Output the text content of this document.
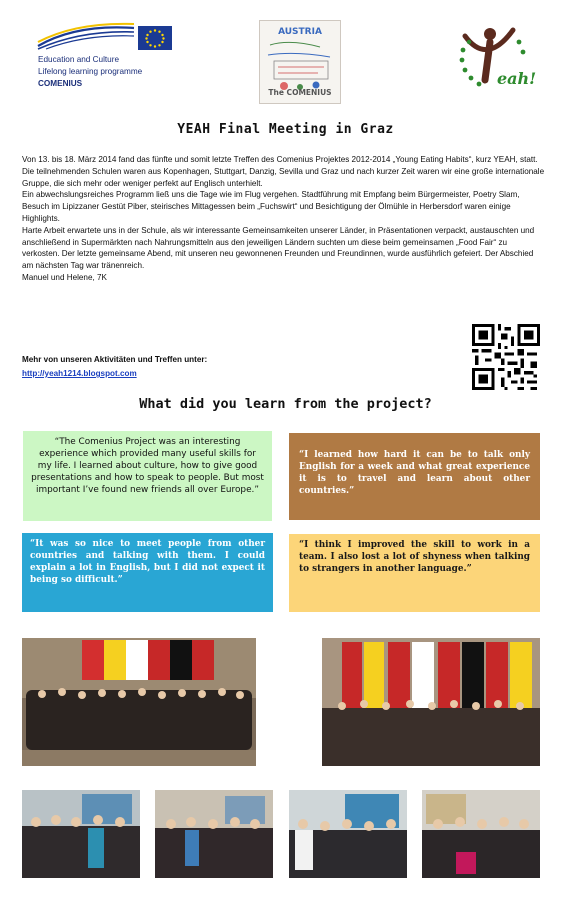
Education and Culture
Lifelong learning programme
COMENIUS
AUSTRIA
The COMENIUS
eah!
YEAH Final Meeting in Graz

Von 13. bis 18. März 2014 fand das fünfte und somit letzte Treffen des Comenius Projektes 2012-2014 „Young Eating Habits“, kurz YEAH, statt. Die teilnehmenden Schulen waren aus Kopenhagen, Stuttgart, Danzig, Sevilla und Graz und nach kurzer Zeit waren wir eine große internationale Gruppe, die sich mehr oder weniger perfekt auf Englisch unterhielt.

Ein abwechslungsreiches Programm ließ uns die Tage wie im Flug vergehen. Stadtführung mit Empfang beim Bürgermeister, Poetry Slam, Besuch im Lipizzaner Gestüt Piber, steirisches Mittagessen beim „Fuchswirt“ und Besichtigung der Ölmühle in Herbersdorf waren einige Highlights.

Harte Arbeit erwartete uns in der Schule, als wir interessante Gemeinsamkeiten unserer Länder, in Präsentationen verpackt, austauschten und anschließend in Supermärkten nach Nahrungsmitteln aus den jeweiligen Ländern suchten um diese beim gemeinsamen „Food Fair“ zu verkosten. Der letzte gemeinsame Abend, mit unseren neu gewonnenen Freunden und Freundinnen, wurde ausführlich gefeiert. Der Abschied am nächsten Tag war tränenreich.

Manuel und Helene, 7K

Mehr von unseren Aktivitäten und Treffen unter:
http://yeah1214.blogspot.com
What did you learn from the project?
“The Comenius Project was an interesting experience which provided many useful skills for my life. I learned about culture, how to give good presentations and how to speak to people. But most important I’ve found new friends all over Europe.”
“I learned how hard it can be to talk only English for a week and what great experience it is to travel and learn about other countries.”
“It was so nice to meet people from other countries and talking with them. I could explain a lot in English, but I did not expect it being so difficult.”
“I think I improved the skill to work in a team. I also lost a lot of shyness when talking to strangers in another language.”
